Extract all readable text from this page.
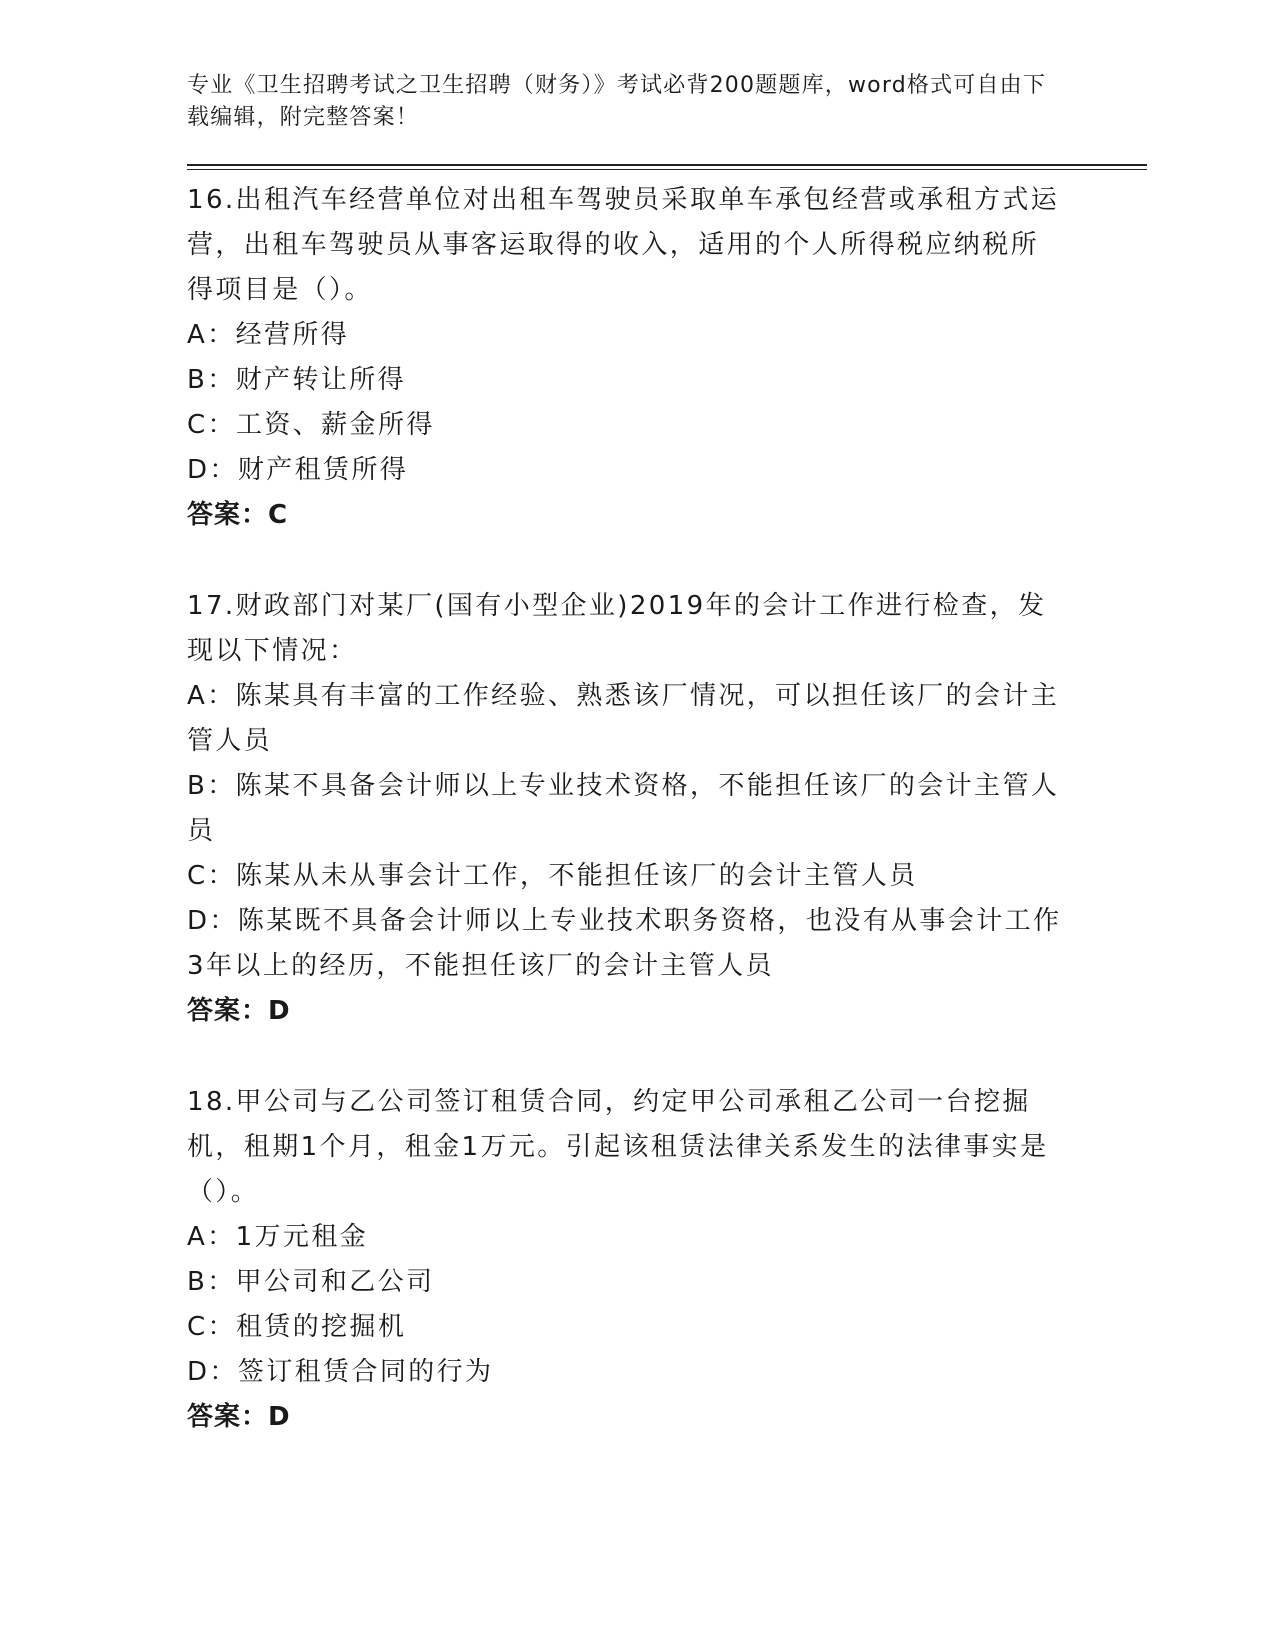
专业《卫生招聘考试之卫生招聘（财务）》考试必背200题题库，word格式可自由下载编辑，附完整答案！
16.出租汽车经营单位对出租车驾驶员采取单车承包经营或承租方式运营，出租车驾驶员从事客运取得的收入，适用的个人所得税应纳税所得项目是（）。
A：经营所得
B：财产转让所得
C：工资、薪金所得
D：财产租赁所得
答案：C
17.财政部门对某厂(国有小型企业)2019年的会计工作进行检查，发现以下情况：
A：陈某具有丰富的工作经验、熟悉该厂情况，可以担任该厂的会计主管人员
B：陈某不具备会计师以上专业技术资格，不能担任该厂的会计主管人员
C：陈某从未从事会计工作，不能担任该厂的会计主管人员
D：陈某既不具备会计师以上专业技术职务资格，也没有从事会计工作3年以上的经历，不能担任该厂的会计主管人员
答案：D
18.甲公司与乙公司签订租赁合同，约定甲公司承租乙公司一台挖掘机，租期1个月，租金1万元。引起该租赁法律关系发生的法律事实是（）。
A：1万元租金
B：甲公司和乙公司
C：租赁的挖掘机
D：签订租赁合同的行为
答案：D
